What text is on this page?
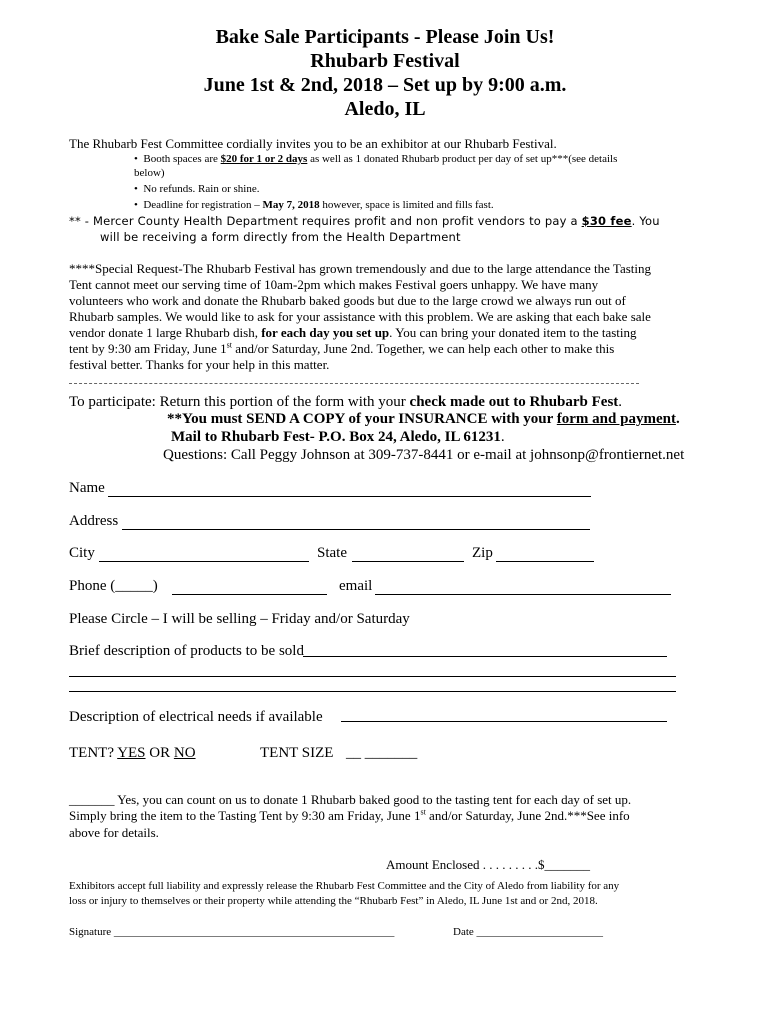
Bake Sale Participants - Please Join Us!
Rhubarb Festival
June 1st & 2nd, 2018 – Set up by 9:00 a.m.
Aledo, IL
The Rhubarb Fest Committee cordially invites you to be an exhibitor at our Rhubarb Festival.
• Booth spaces are $20 for 1 or 2 days as well as 1 donated Rhubarb product per day of set up***(see details
below)
• No refunds. Rain or shine.
• Deadline for registration – May 7, 2018 however, space is limited and fills fast.
** - Mercer County Health Department requires profit and non profit vendors to pay a $30 fee. You
will be receiving a form directly from the Health Department
****Special Request-The Rhubarb Festival has grown tremendously and due to the large attendance the Tasting
Tent cannot meet our serving time of 10am-2pm which makes Festival goers unhappy. We have many
volunteers who work and donate the Rhubarb baked goods but due to the large crowd we always run out of
Rhubarb samples. We would like to ask for your assistance with this problem. We are asking that each bake sale
vendor donate 1 large Rhubarb dish, for each day you set up. You can bring your donated item to the tasting
tent by 9:30 am Friday, June 1st and/or Saturday, June 2nd. Together, we can help each other to make this
festival better. Thanks for your help in this matter.
To participate: Return this portion of the form with your check made out to Rhubarb Fest.
**You must SEND A COPY of your INSURANCE with your form and payment.
Mail to Rhubarb Fest- P.O. Box 24, Aledo, IL 61231.
Questions: Call Peggy Johnson at 309-737-8441 or e-mail at johnsonp@frontiernet.net
Name
Address
City	State	Zip
Phone (_____)	email
Please Circle – I will be selling – Friday and/or Saturday
Brief description of products to be sold
Description of electrical needs if available
TENT? YES OR NO	TENT SIZE __ _______
_______ Yes, you can count on us to donate 1 Rhubarb baked good to the tasting tent for each day of set up.
Simply bring the item to the Tasting Tent by 9:30 am Friday, June 1st and/or Saturday, June 2nd.***See info
above for details.
Amount Enclosed . . . . . . . . .$_______
Exhibitors accept full liability and expressly release the Rhubarb Fest Committee and the City of Aledo from liability for any
loss or injury to themselves or their property while attending the “Rhubarb Fest” in Aledo, IL June 1st and or 2nd, 2018.
Signature ___________________________________________________	Date _______________________
